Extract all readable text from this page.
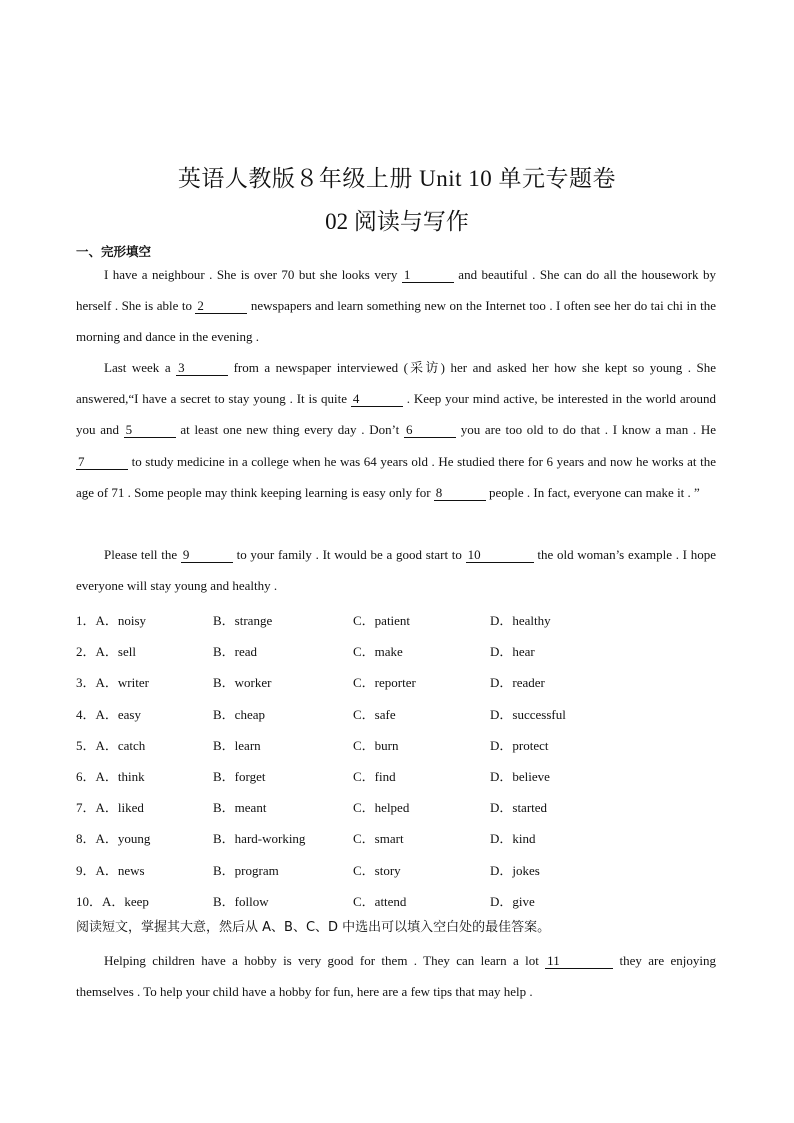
英语人教版８年级上册 Unit 10 单元专题卷
02 阅读与写作
一、完形填空

I have a neighbour . She is over 70 but she looks very 1	and beautiful . She can do all the housework by herself . She is able to 2	newspapers and learn something new on the Internet too . I often see her do tai chi in the morning and dance in the evening .

Last week a 3	from a newspaper interviewed (采访) her and asked her how she kept so young . She answered,“I have a secret to stay young . It is quite 4	. Keep your mind active, be interested in the world around you and 5	at least one new thing every day . Don’t 6	you are too old to do that . I know a man . He 7	to study medicine in a college when he was 64 years old . He studied there for 6 years and now he works at the age of 71 . Some people may think keeping learning is easy only for 8	people . In fact, everyone can make it . ”

Please tell the 9	to your family . It would be a good start to 10	the old woman’s example . I hope everyone will stay young and healthy .

1．A．noisy	B．strange	C．patient	D．healthy
2．A．sell	B．read	C．make	D．hear
3．A．writer	B．worker	C．reporter	D．reader
4．A．easy	B．cheap	C．safe	D．successful
5．A．catch	B．learn	C．burn	D．protect
6．A．think	B．forget	C．find	D．believe
7．A．liked	B．meant	C．helped	D．started
8．A．young	B．hard-working	C．smart	D．kind
9．A．news	B．program	C．story	D．jokes
10．A．keep	B．follow	C．attend	D．give
阅读短文，掌握其大意，然后从 A、B、C、D 中选出可以填入空白处的最佳答案。

Helping children have a hobby is very good for them . They can learn a lot 11	they are enjoying themselves . To help your child have a hobby for fun, here are a few tips that may help .
